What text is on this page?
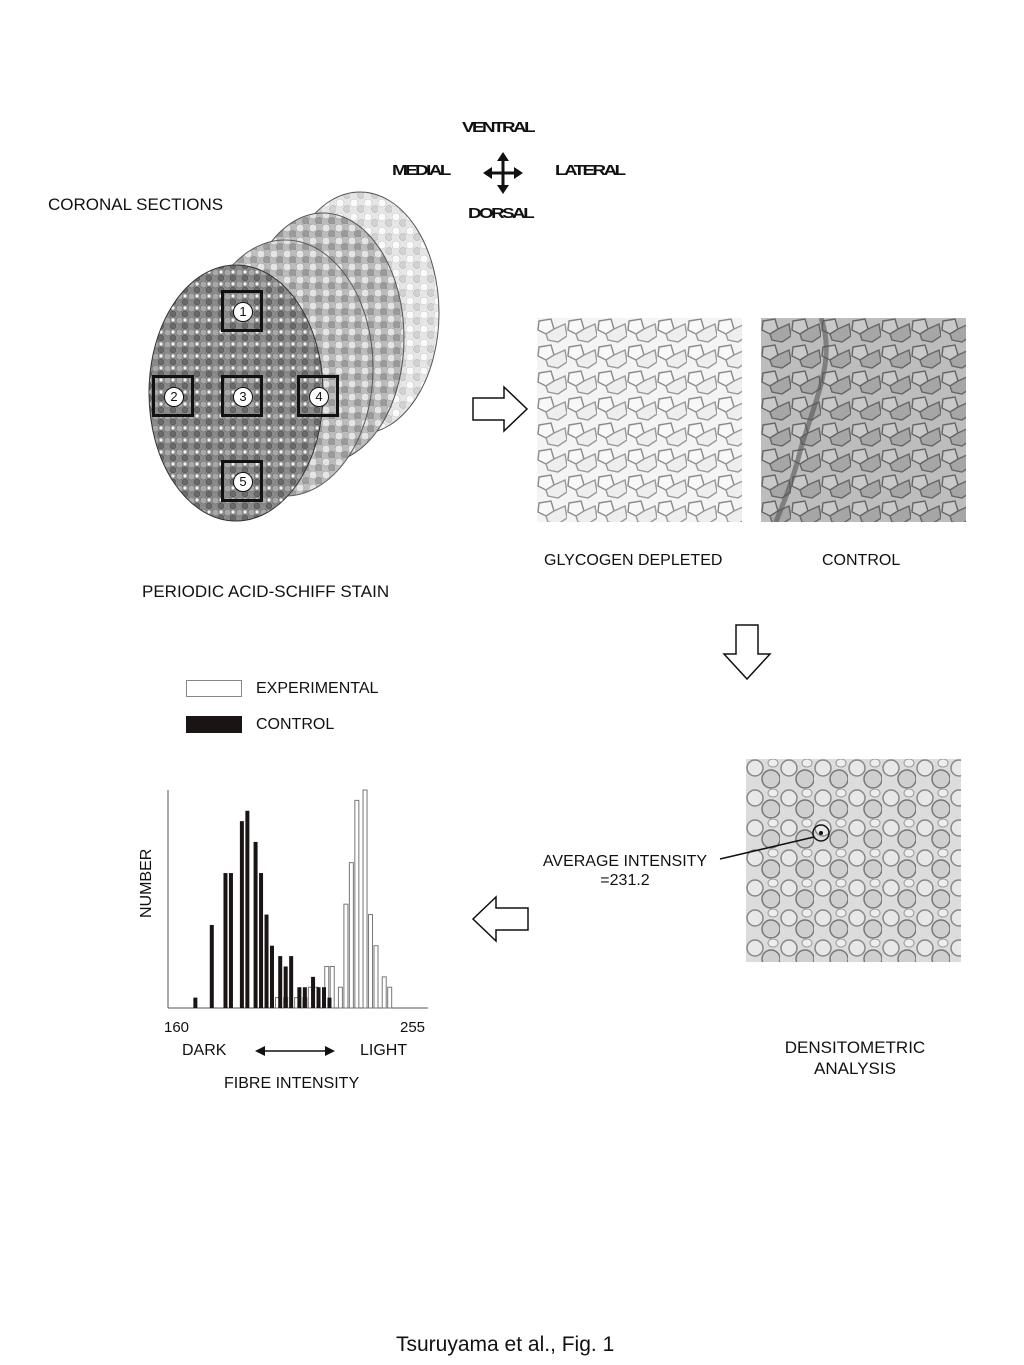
VENTRAL
MEDIAL	LATERAL
DORSAL
CORONAL SECTIONS
1
2	3	4
5
PERIODIC ACID-SCHIFF STAIN
GLYCOGEN DEPLETED	CONTROL
AVERAGE INTENSITY
=231.2
DENSITOMETRIC
ANALYSIS
EXPERIMENTAL
CONTROL
NUMBER
160	255
DARK	LIGHT
FIBRE INTENSITY
Tsuruyama et al., Fig. 1
